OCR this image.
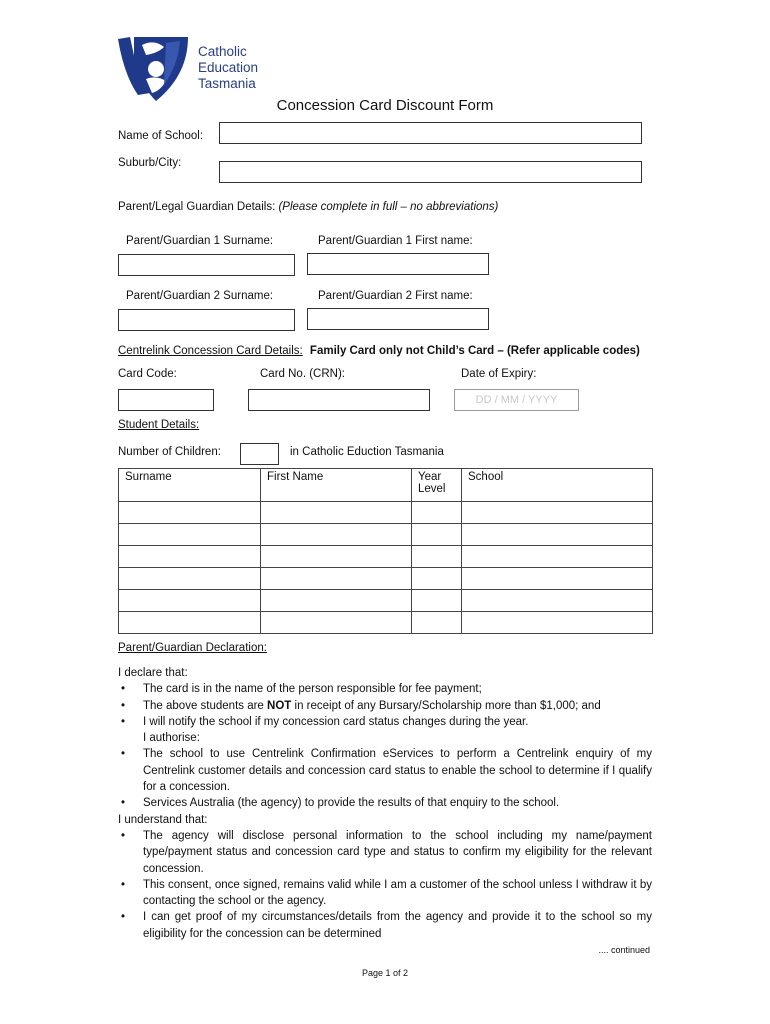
Catholic
Education
Tasmania
Concession Card Discount Form
Name of School:
Suburb/City:
Parent/Legal Guardian Details: (Please complete in full – no abbreviations)
Parent/Guardian 1 Surname:	Parent/Guardian 1 First name:
Parent/Guardian 2 Surname:	Parent/Guardian 2 First name:
Centrelink Concession Card Details: Family Card only not Child’s Card – (Refer applicable codes)
Card Code:	Card No. (CRN):	Date of Expiry:
DD / MM / YYYY
Student Details:
Number of Children:	in Catholic Eduction Tasmania
Surname	First Name	Year Level	School

Parent/Guardian Declaration:
I declare that:
• The card is in the name of the person responsible for fee payment;
• The above students are NOT in receipt of any Bursary/Scholarship more than $1,000; and
• I will notify the school if my concession card status changes during the year.
I authorise:
• The school to use Centrelink Confirmation eServices to perform a Centrelink enquiry of my Centrelink customer details and concession card status to enable the school to determine if I qualify for a concession.
• Services Australia (the agency) to provide the results of that enquiry to the school.
I understand that:
• The agency will disclose personal information to the school including my name/payment type/payment status and concession card type and status to confirm my eligibility for the relevant concession.
• This consent, once signed, remains valid while I am a customer of the school unless I withdraw it by contacting the school or the agency.
• I can get proof of my circumstances/details from the agency and provide it to the school so my eligibility for the concession can be determined
.... continued
Page 1 of 2
